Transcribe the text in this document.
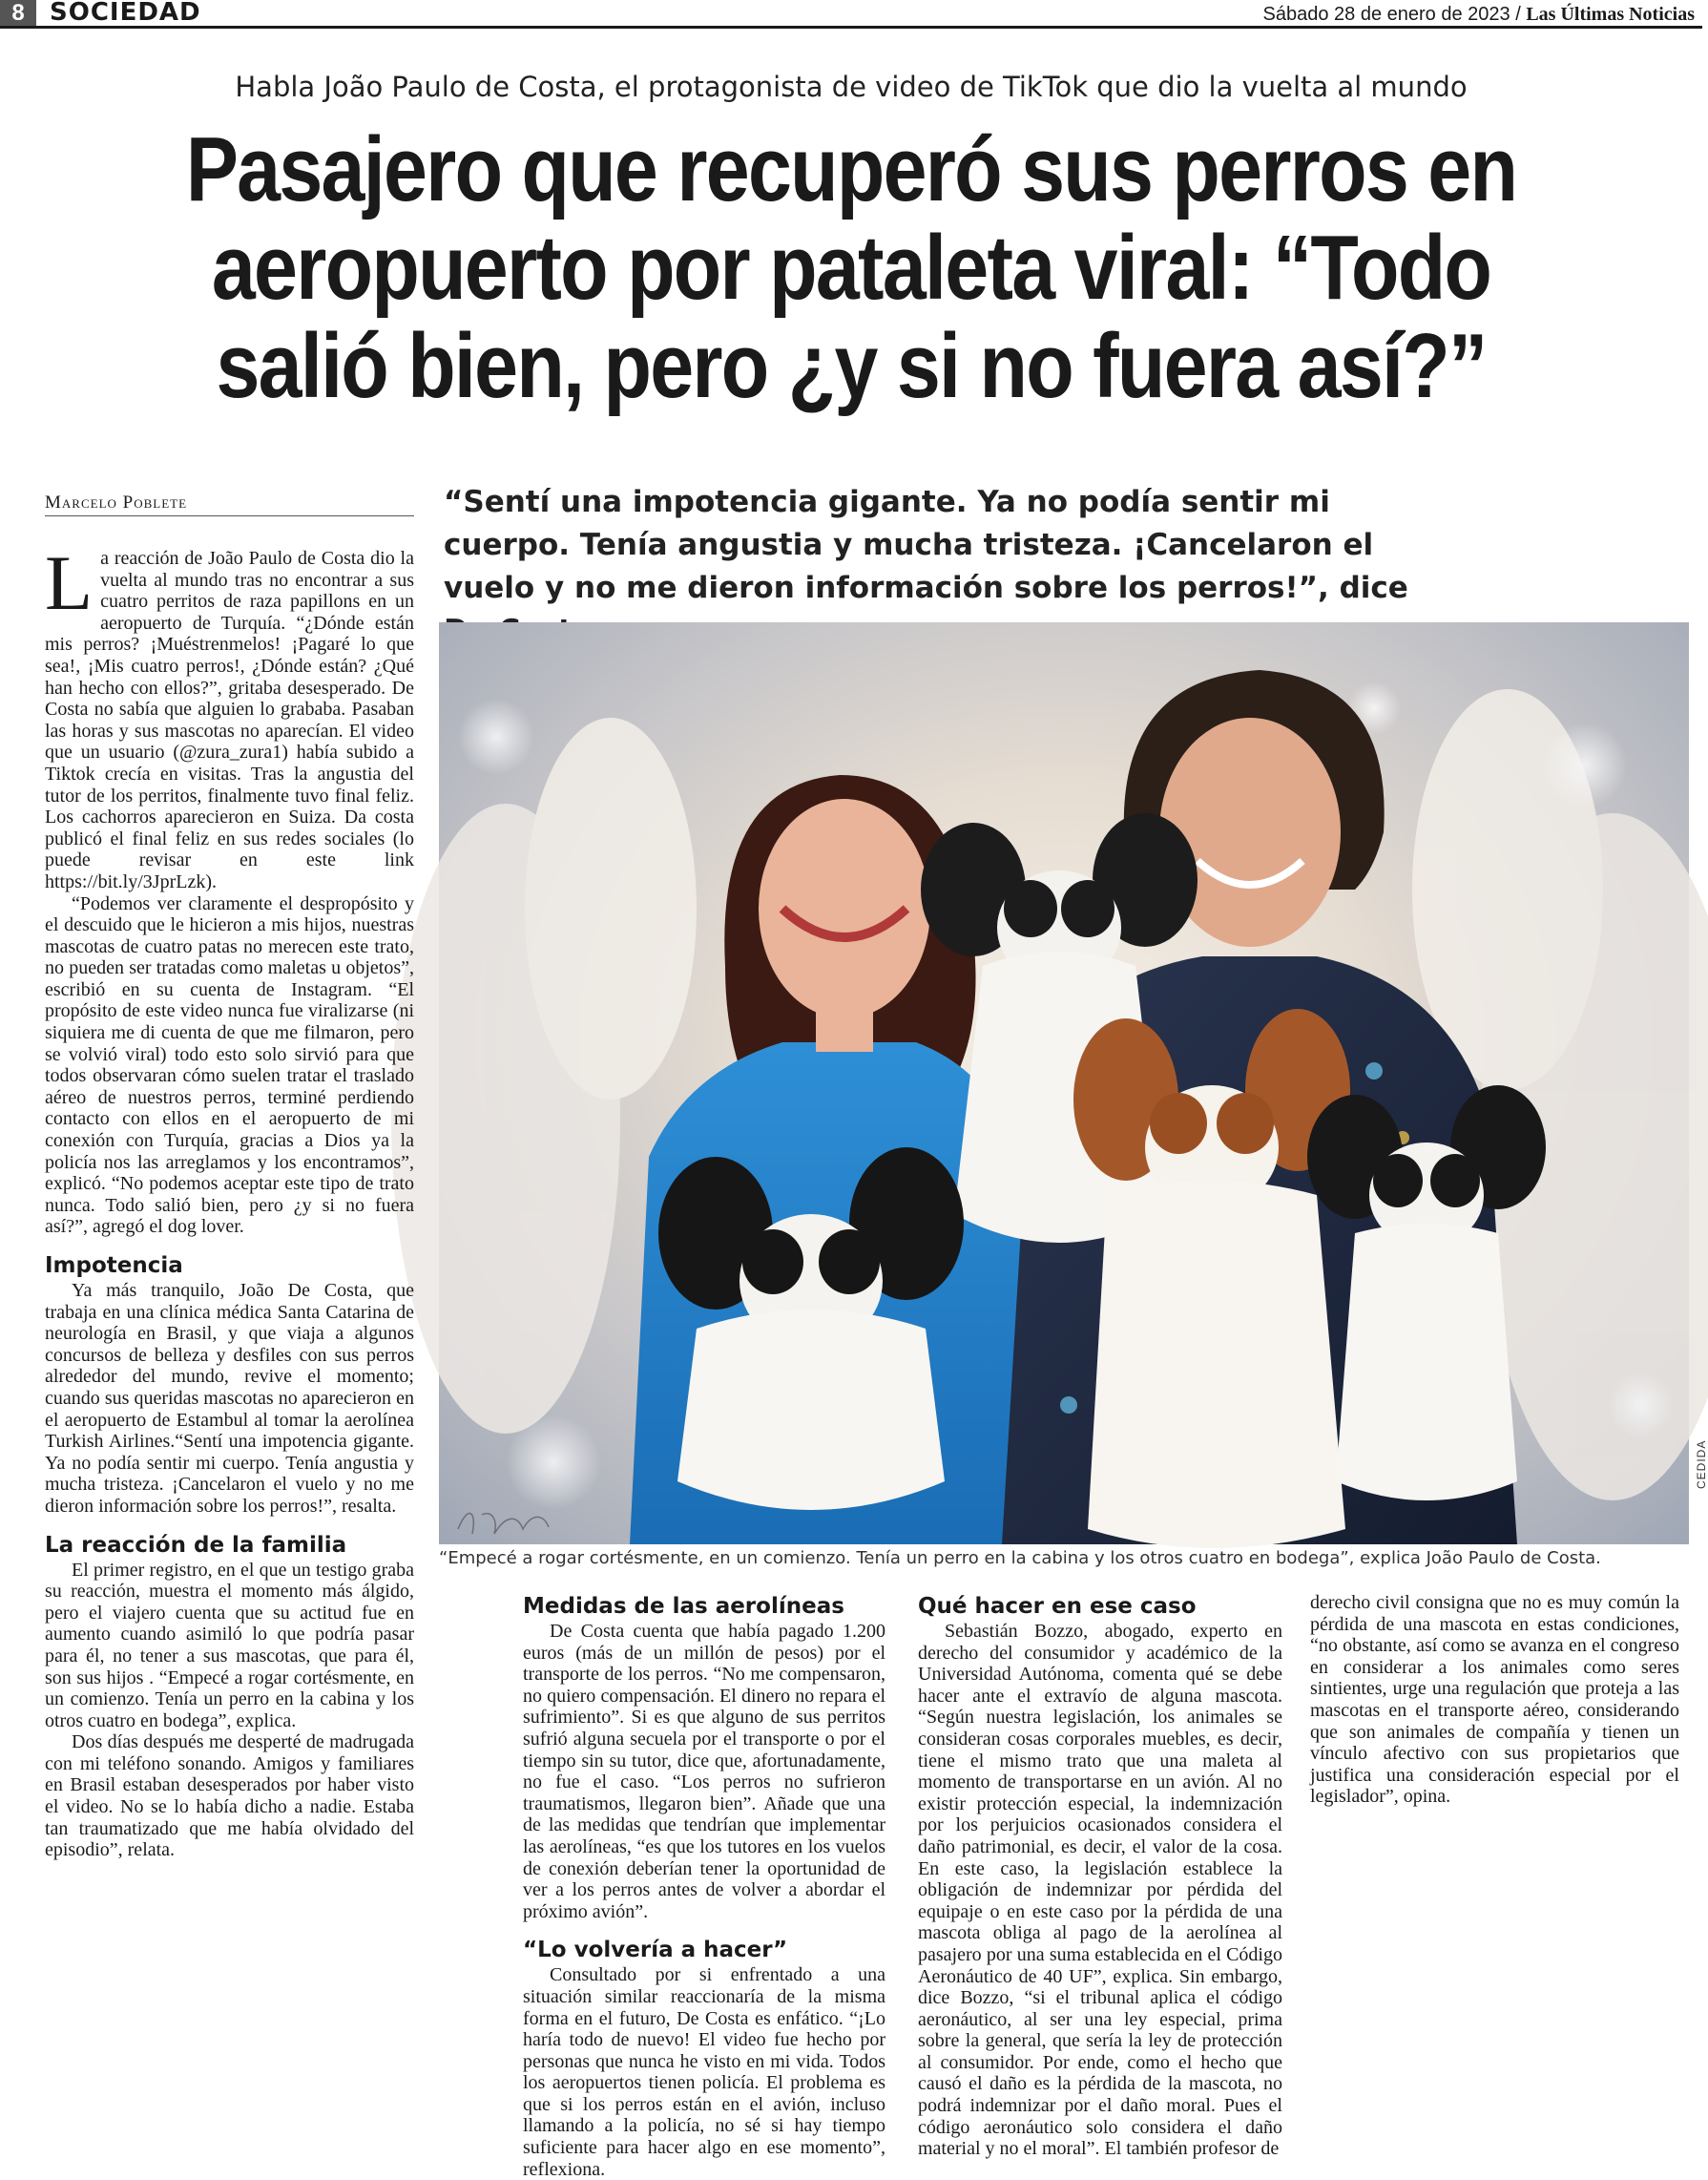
8	SOCIEDAD	Sábado 28 de enero de 2023 / Las Últimas Noticias
Habla João Paulo de Costa, el protagonista de video de TikTok que dio la vuelta al mundo
Pasajero que recuperó sus perros en
aeropuerto por pataleta viral: “Todo
salió bien, pero ¿y si no fuera así?”
Marcelo Poblete	“Sentí una impotencia gigante. Ya no podía sentir mi cuerpo. Tenía angustia y mucha tristeza. ¡Cancelaron el vuelo y no me dieron información sobre los perros!”, dice
CEDIDA
“Empecé a rogar cortésmente, en un comienzo. Tenía un perro en la cabina y los otros cuatro en bodega”, explica João Paulo de Costa.

La reacción de João Paulo de Costa dio la vuelta al mundo tras no encontrar a sus cuatro perritos de raza papillons en un aeropuerto de Turquía. “¿Dónde están mis perros? ¡Muéstrenmelos! ¡Pagaré lo que sea!, ¡Mis cuatro perros!, ¿Dónde están? ¿Qué han hecho con ellos?”, gritaba desesperado. De Costa no sabía que alguien lo grababa. Pasaban las horas y sus mascotas no aparecían. El video que un usuario (@zura_zura1) había subido a Tiktok crecía en visitas. Tras la angustia del tutor de los perritos, finalmente tuvo final feliz. Los cachorros aparecieron en Suiza. Da costa publicó el final feliz en sus redes sociales (lo puede revisar en este link https://bit.ly/3JprLzk).

“Podemos ver claramente el despropósito y el descuido que le hicieron a mis hijos, nuestras mascotas de cuatro patas no merecen este trato, no pueden ser tratadas como maletas u objetos”, escribió en su cuenta de Instagram. “El propósito de este video nunca fue viralizarse (ni siquiera me di cuenta de que me filmaron, pero se volvió viral) todo esto solo sirvió para que todos observaran cómo suelen tratar el traslado aéreo de nuestros perros, terminé perdiendo contacto con ellos en el aeropuerto de mi conexión con Turquía, gracias a Dios ya la policía nos las arreglamos y los encontramos”, explicó. “No podemos aceptar este tipo de trato nunca. Todo salió bien, pero ¿y si no fuera así?”, agregó el dog lover.

Impotencia

Ya más tranquilo, João De Costa, que trabaja en una clínica médica Santa Catarina de neurología en Brasil, y que viaja a algunos concursos de belleza y desfiles con sus perros alrededor del mundo, revive el momento; cuando sus queridas mascotas no aparecieron en el aeropuerto de Estambul al tomar la aerolínea Turkish Airlines.“Sentí una impotencia gigante. Ya no podía sentir mi cuerpo. Tenía angustia y mucha tristeza. ¡Cancelaron el vuelo y no me dieron información sobre los perros!”, resalta.

La reacción de la familia

El primer registro, en el que un testigo graba su reacción, muestra el momento más álgido, pero el viajero cuenta que su actitud fue en aumento cuando asimiló lo que podría pasar para él, no tener a sus mascotas, que para él, son sus hijos . “Empecé a rogar cortésmente, en un comienzo. Tenía un perro en la cabina y los otros cuatro en bodega”, explica.

Dos días después me desperté de madrugada con mi teléfono sonando. Amigos y familiares en Brasil estaban desesperados por haber visto el video. No se lo había dicho a nadie. Estaba tan traumatizado que me había olvidado del episodio”, relata.

Medidas de las aerolíneas

De Costa cuenta que había pagado 1.200 euros (más de un millón de pesos) por el transporte de los perros. “No me compensaron, no quiero compensación. El dinero no repara el sufrimiento”. Si es que alguno de sus perritos sufrió alguna secuela por el transporte o por el tiempo sin su tutor, dice que, afortunadamente, no fue el caso. “Los perros no sufrieron traumatismos, llegaron bien”. Añade que una de las medidas que tendrían que implementar las aerolíneas, “es que los tutores en los vuelos de conexión deberían tener la oportunidad de ver a los perros antes de volver a abordar el próximo avión”.

“Lo volvería a hacer”

Consultado por si enfrentado a una situación similar reaccionaría de la misma forma en el futuro, De Costa es enfático. “¡Lo haría todo de nuevo! El video fue hecho por personas que nunca he visto en mi vida. Todos los aeropuertos tienen policía. El problema es que si los perros están en el avión, incluso llamando a la policía, no sé si hay tiempo suficiente para hacer algo en ese momento”, reflexiona.

Qué hacer en ese caso

Sebastián Bozzo, abogado, experto en derecho del consumidor y académico de la Universidad Autónoma, comenta qué se debe hacer ante el extravío de alguna mascota. “Según nuestra legislación, los animales se consideran cosas corporales muebles, es decir, tiene el mismo trato que una maleta al momento de transportarse en un avión. Al no existir protección especial, la indemnización por los perjuicios ocasionados considera el daño patrimonial, es decir, el valor de la cosa. En este caso, la legislación establece la obligación de indemnizar por pérdida del equipaje o en este caso por la pérdida de una mascota obliga al pago de la aerolínea al pasajero por una suma establecida en el Código Aeronáutico de 40 UF”, explica. Sin embargo, dice Bozzo, “si el tribunal aplica el código aeronáutico, al ser una ley especial, prima sobre la general, que sería la ley de protección al consumidor. Por ende, como el hecho que causó el daño es la pérdida de la mascota, no podrá indemnizar por el daño moral. Pues el código aeronáutico solo considera el daño material y no el moral”. El también profesor de

derecho civil consigna que no es muy común la pérdida de una mascota en estas condiciones, “no obstante, así como se avanza en el congreso en considerar a los animales como seres sintientes, urge una regulación que proteja a las mascotas en el transporte aéreo, considerando que son animales de compañía y tienen un vínculo afectivo con sus propietarios que justifica una consideración especial por el legislador”, opina.
